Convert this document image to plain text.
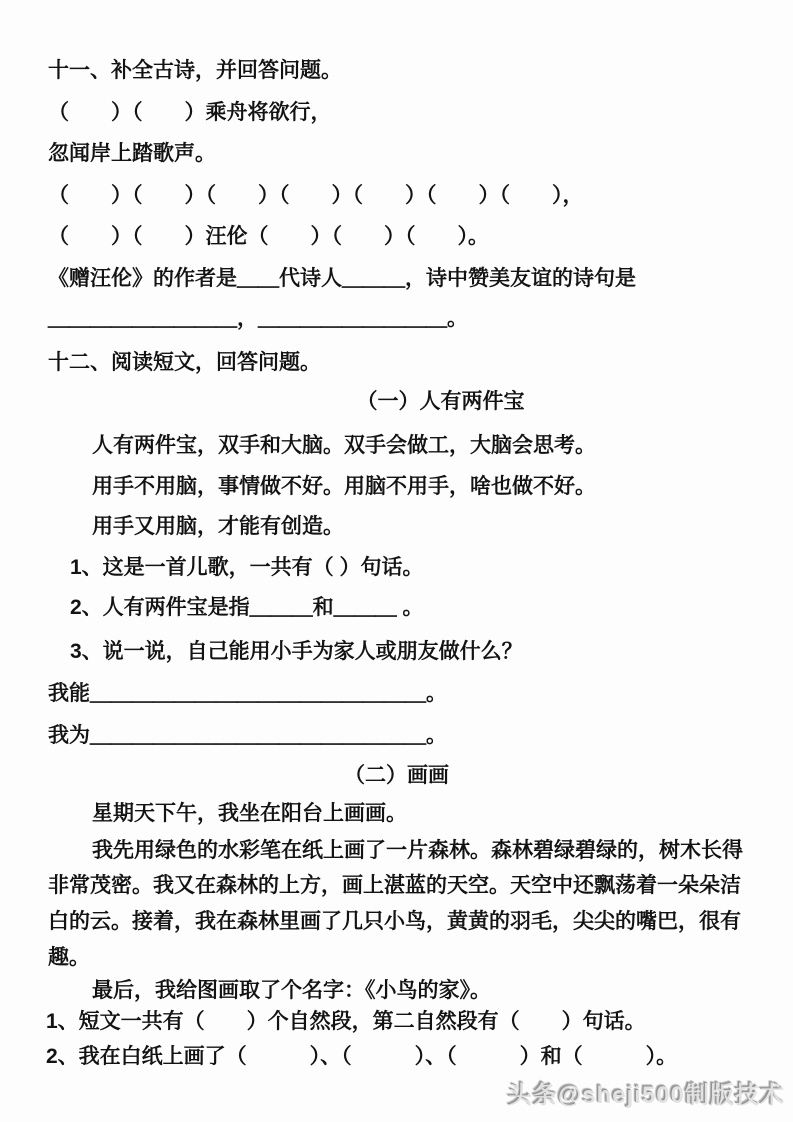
十一、补全古诗，并回答问题。
（　　）（　　）乘舟将欲行，
忽闻岸上踏歌声。
（　　）（　　）（　　）（　　）（　　）（　　）（　　），
（　　）（　　）汪伦（　　）（　　）（　　）。
《赠汪伦》的作者是＿＿代诗人＿＿＿，诗中赞美友谊的诗句是
＿＿＿＿＿＿＿＿＿，＿＿＿＿＿＿＿＿＿。
十二、阅读短文，回答问题。
（一）人有两件宝
人有两件宝，双手和大脑。双手会做工，大脑会思考。
用手不用脑，事情做不好。用脑不用手，啥也做不好。
用手又用脑，才能有创造。
1、这是一首儿歌，一共有（ ）句话。
2、人有两件宝是指＿＿＿和＿＿＿ 。
3、说一说，自己能用小手为家人或朋友做什么？
我能＿＿＿＿＿＿＿＿＿＿＿＿＿＿＿＿。
我为＿＿＿＿＿＿＿＿＿＿＿＿＿＿＿＿。
（二）画画
星期天下午，我坐在阳台上画画。
我先用绿色的水彩笔在纸上画了一片森林。森林碧绿碧绿的，树木长得
非常茂密。我又在森林的上方，画上湛蓝的天空。天空中还飘荡着一朵朵洁
白的云。接着，我在森林里画了几只小鸟，黄黄的羽毛，尖尖的嘴巴，很有
趣。
最后，我给图画取了个名字：《小鸟的家》。
1、短文一共有（　　）个自然段，第二自然段有（　　）句话。
2、我在白纸上画了（　　　）、（　　　）、（　　　）和（　　　）。
头条@sheji500制版技术
